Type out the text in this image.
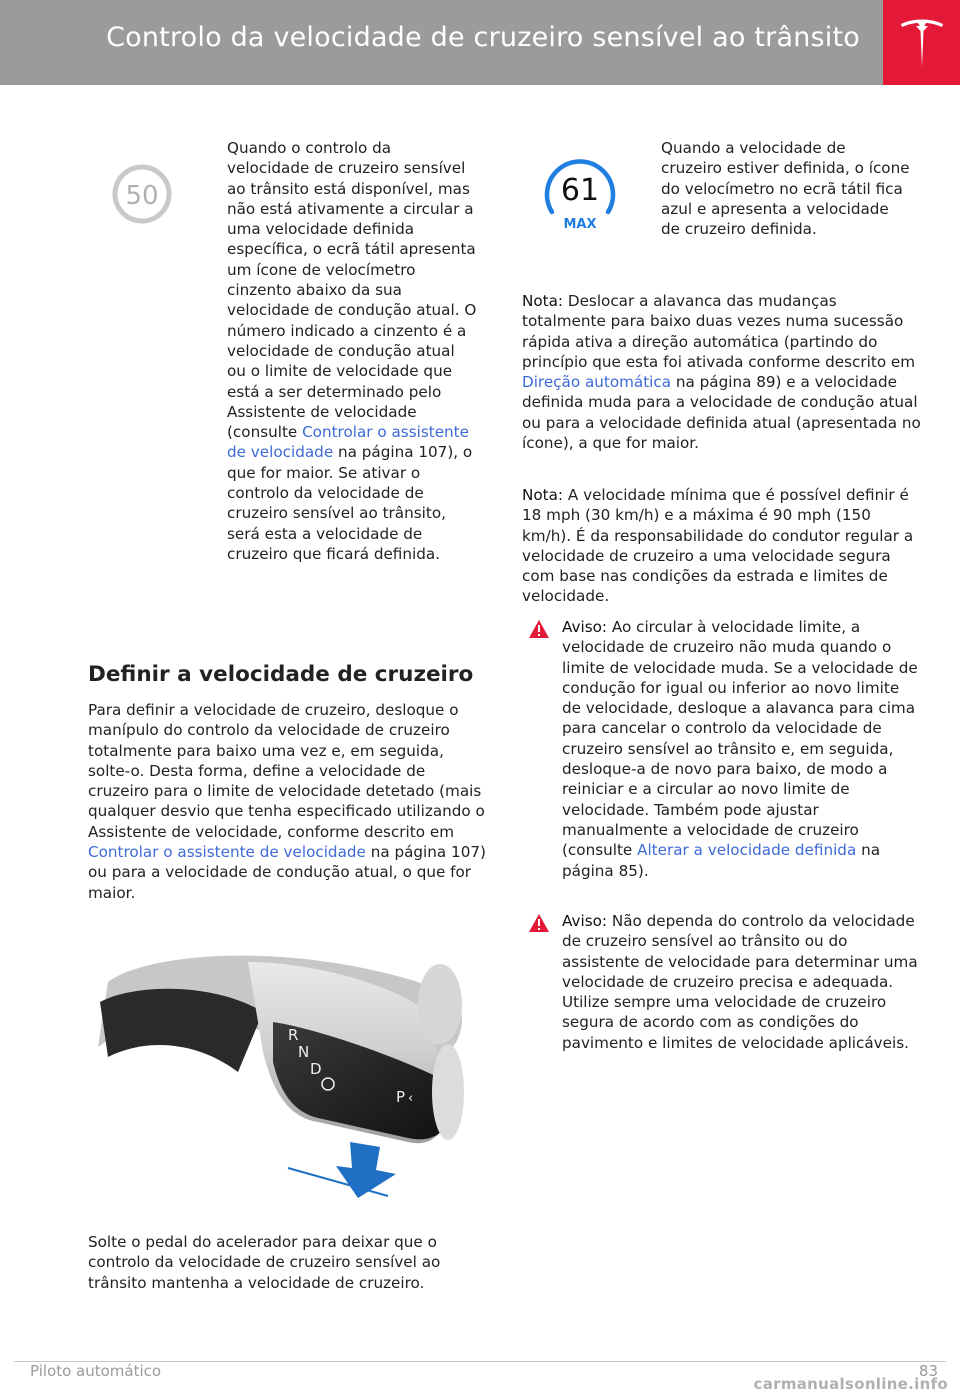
Controlo da velocidade de cruzeiro sensível ao trânsito
50

Quando o controlo da velocidade de cruzeiro sensível ao trânsito está disponível, mas não está ativamente a circular a uma velocidade definida específica, o ecrã tátil apresenta um ícone de velocímetro cinzento abaixo da sua velocidade de condução atual. O número indicado a cinzento é a velocidade de condução atual ou o limite de velocidade que está a ser determinado pelo Assistente de velocidade (consulte Controlar o assistente de velocidade na página 107), o que for maior. Se ativar o controlo da velocidade de cruzeiro sensível ao trânsito, será esta a velocidade de cruzeiro que ficará definida.

Definir a velocidade de cruzeiro

Para definir a velocidade de cruzeiro, desloque o manípulo do controlo da velocidade de cruzeiro totalmente para baixo uma vez e, em seguida, solte-o. Desta forma, define a velocidade de cruzeiro para o limite de velocidade detetado (mais qualquer desvio que tenha especificado utilizando o Assistente de velocidade, conforme descrito em Controlar o assistente de velocidade na página 107) ou para a velocidade de condução atual, o que for maior.

R
N
D
P ‹

Solte o pedal do acelerador para deixar que o controlo da velocidade de cruzeiro sensível ao trânsito mantenha a velocidade de cruzeiro.

61
MAX

Quando a velocidade de cruzeiro estiver definida, o ícone do velocímetro no ecrã tátil fica azul e apresenta a velocidade de cruzeiro definida.

Nota: Deslocar a alavanca das mudanças totalmente para baixo duas vezes numa sucessão rápida ativa a direção automática (partindo do princípio que esta foi ativada conforme descrito em Direção automática na página 89) e a velocidade definida muda para a velocidade de condução atual ou para a velocidade definida atual (apresentada no ícone), a que for maior.

Nota: A velocidade mínima que é possível definir é 18 mph (30 km/h) e a máxima é 90 mph (150 km/h). É da responsabilidade do condutor regular a velocidade de cruzeiro a uma velocidade segura com base nas condições da estrada e limites de velocidade.

Aviso: Ao circular à velocidade limite, a velocidade de cruzeiro não muda quando o limite de velocidade muda. Se a velocidade de condução for igual ou inferior ao novo limite de velocidade, desloque a alavanca para cima para cancelar o controlo da velocidade de cruzeiro sensível ao trânsito e, em seguida, desloque-a de novo para baixo, de modo a reiniciar e a circular ao novo limite de velocidade. Também pode ajustar manualmente a velocidade de cruzeiro (consulte Alterar a velocidade definida na página 85).

Aviso: Não dependa do controlo da velocidade de cruzeiro sensível ao trânsito ou do assistente de velocidade para determinar uma velocidade de cruzeiro precisa e adequada. Utilize sempre uma velocidade de cruzeiro segura de acordo com as condições do pavimento e limites de velocidade aplicáveis.

Piloto automático	83
carmanualsonline.info
